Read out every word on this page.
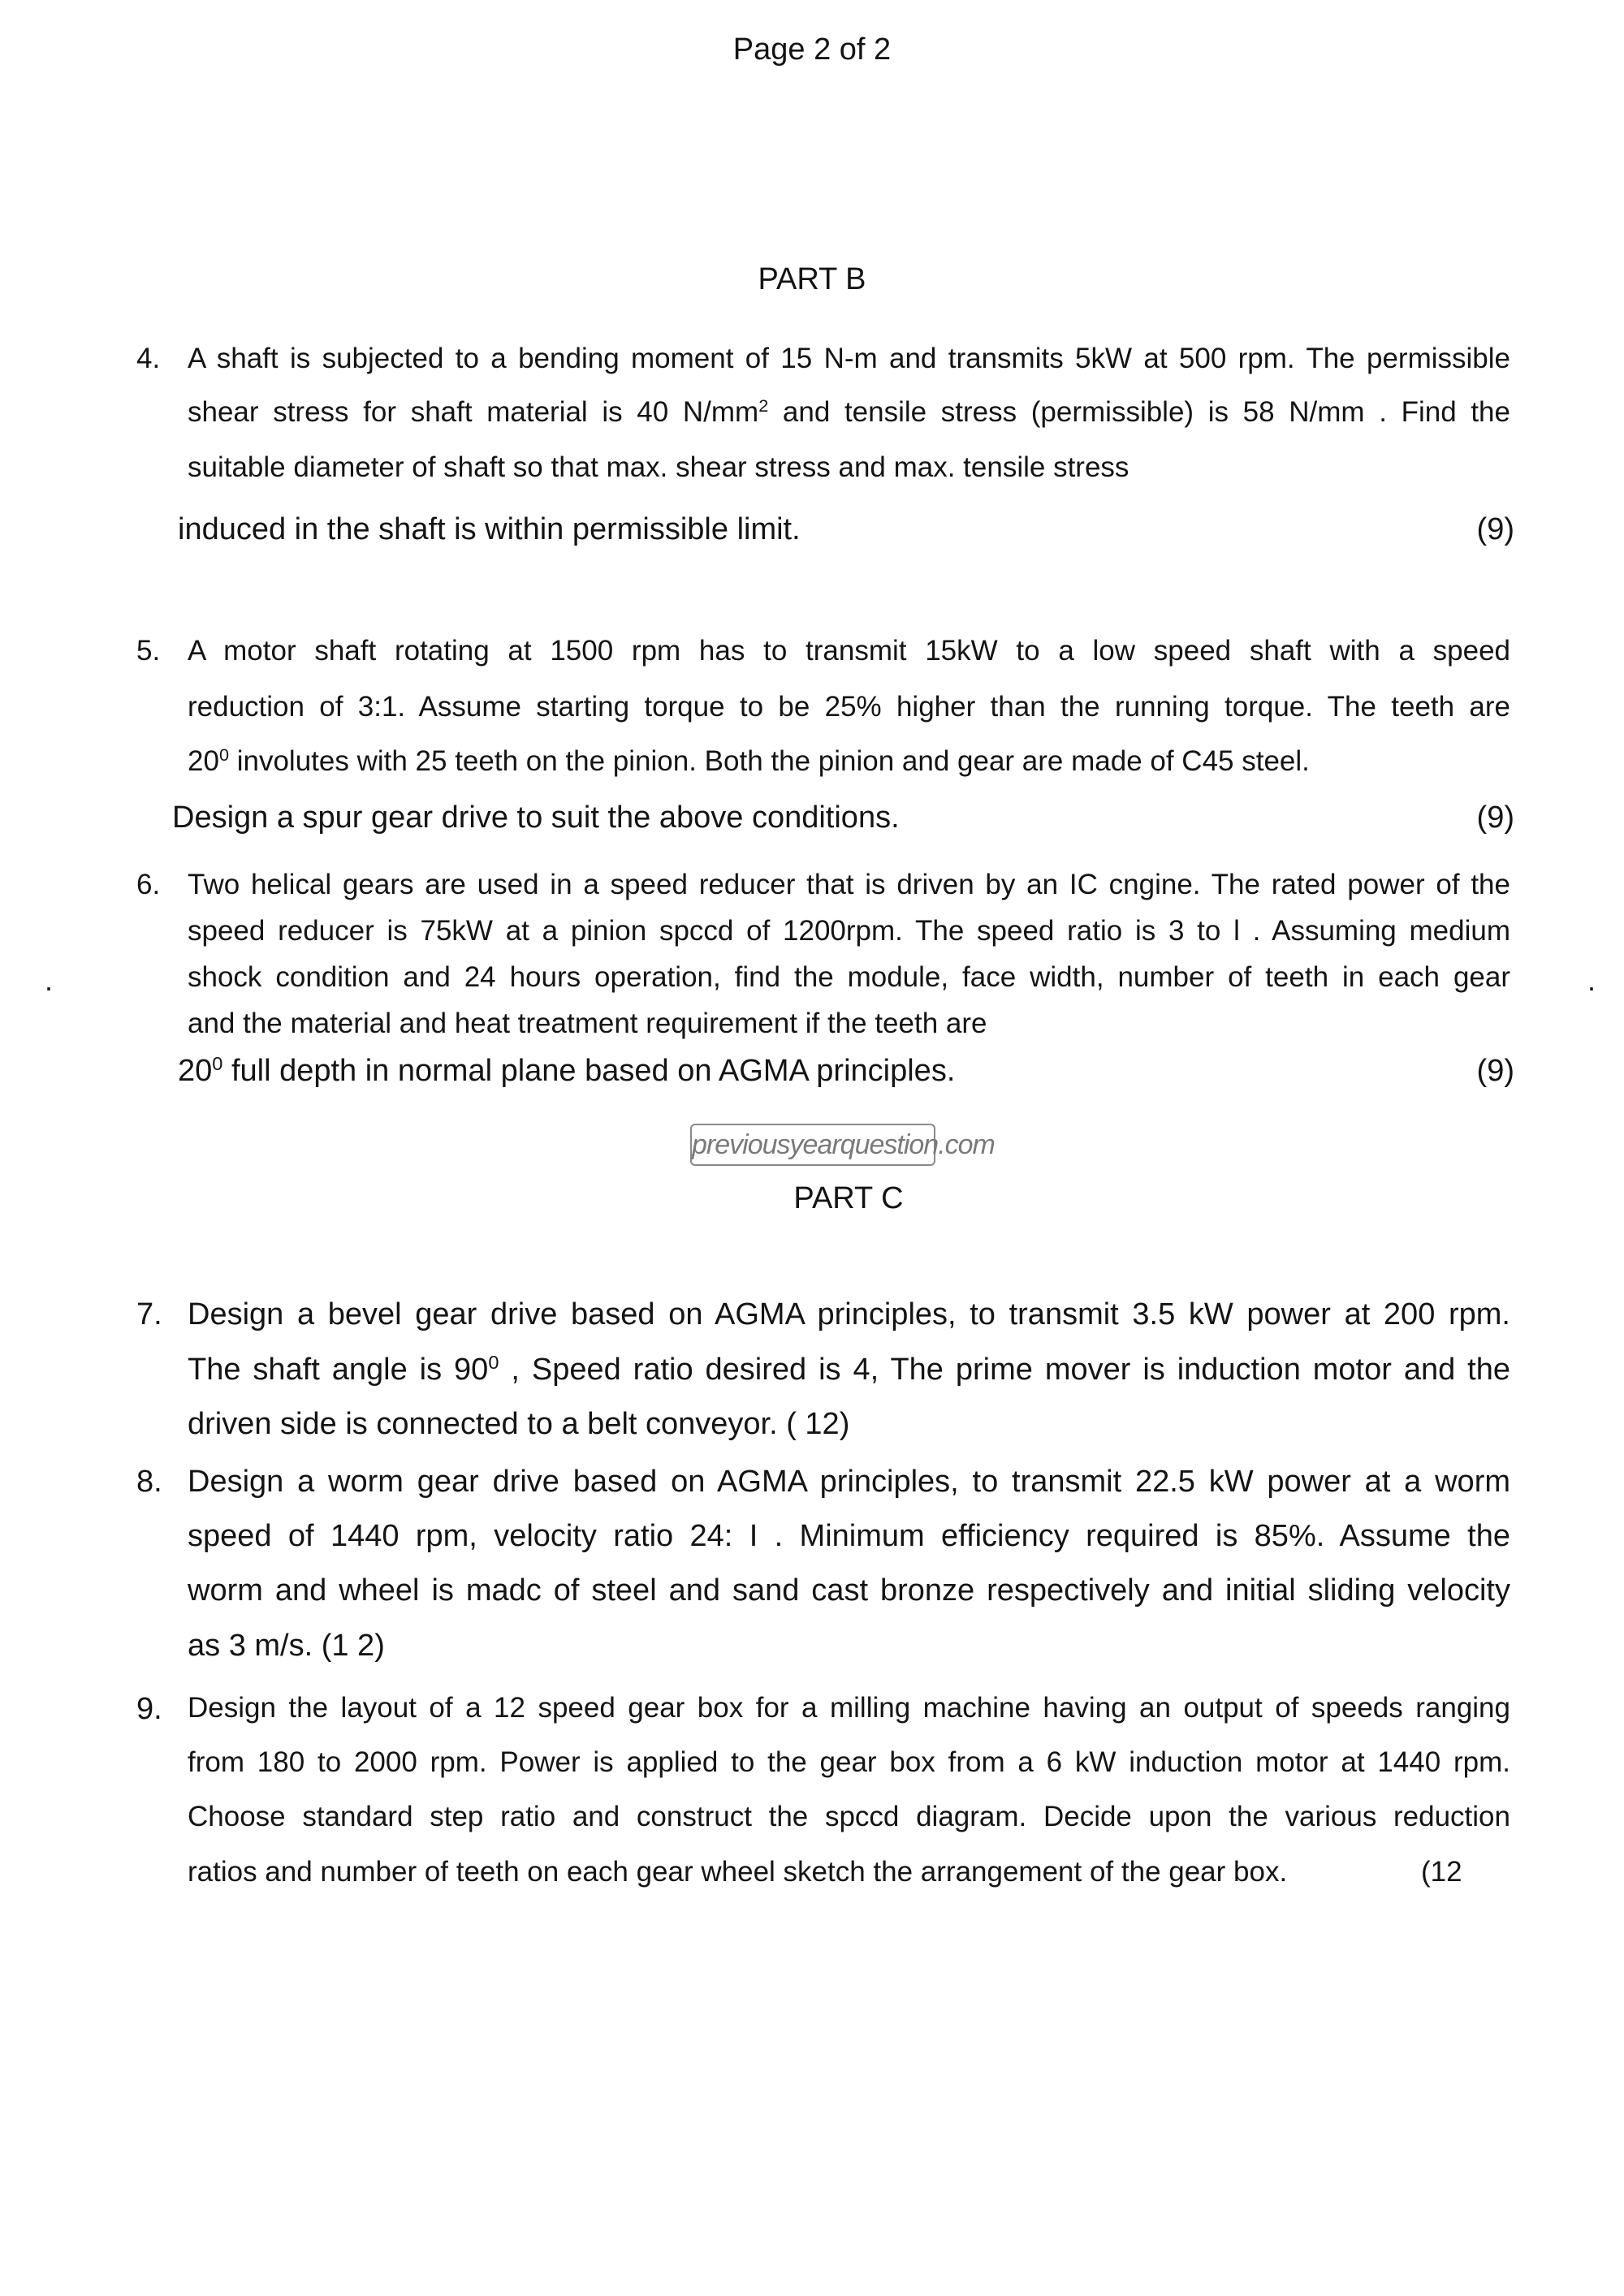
Page 2 of 2
PART B
4. A shaft is subjected to a bending moment of 15 N-m and transmits 5kW at 500 rpm. The permissible
shear stress for shaft material is 40 $N/mm^2$ and tensile stress (permissible) is 58 N/mm . Find the
suitable diameter of shaft so that max. shear stress and max. tensile stress
induced in the shaft is within permissible limit.	(9)
5. A motor shaft rotating at 1500 rpm has to transmit 15kW to a low speed shaft with a speed
reduction of 3:1. Assume starting torque to be 25% higher than the running torque. The teeth are
$20^0$ involutes with 25 teeth on the pinion. Both the pinion and gear are made of C45 steel.
Design a spur gear drive to suit the above conditions.	(9)
6. Two helical gears are used in a speed reducer that is driven by an IC cngine. The rated power of the
speed reducer is 75kW at a pinion spccd of 1200rpm. The speed ratio is 3 to l . Assuming medium
shock condition and 24 hours operation, find the module, face width, number of teeth in each gear
and the material and heat treatment requirement if the teeth are
$20^0$ full depth in normal plane based on AGMA principles.	(9)
.	.
previousyearquestion.com
PART C
7. Design a bevel gear drive based on AGMA principles, to transmit 3.5 kW power at 200 rpm.
The shaft angle is $90^0$ , Speed ratio desired is 4, The prime mover is induction motor and the
driven side is connected to a belt conveyor. ( 12)
8. Design a worm gear drive based on AGMA principles, to transmit 22.5 kW power at a worm
speed of 1440 rpm, velocity ratio 24: I . Minimum efficiency required is 85%. Assume the
worm and wheel is madc of steel and sand cast bronze respectively and initial sliding velocity
as 3 m/s. (1 2)
9. Design the layout of a 12 speed gear box for a milling machine having an output of speeds ranging
from 180 to 2000 rpm. Power is applied to the gear box from a 6 kW induction motor at 1440 rpm.
Choose standard step ratio and construct the spccd diagram. Decide upon the various reduction
ratios and number of teeth on each gear wheel sketch the arrangement of the gear box.	(12
